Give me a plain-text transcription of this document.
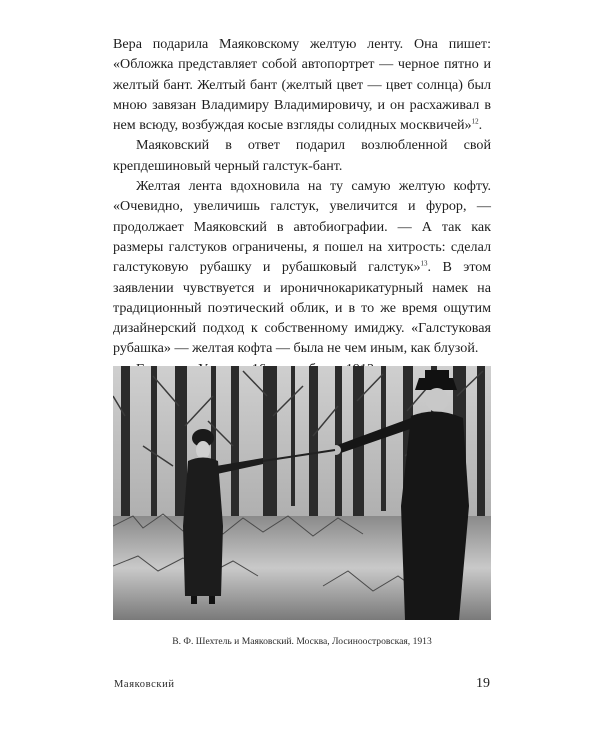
Вера подарила Маяковскому желтую ленту. Она пишет: «Обложка представляет собой автопортрет — черное пятно и желтый бант. Желтый бант (желтый цвет — цвет солнца) был мною завязан Владимиру Владимировичу, и он расхаживал в нем всюду, возбуждая косые взгляды солидных москвичей»$^{12}$.

Маяковский в ответ подарил возлюбленной свой крепдешиновый черный галстук-бант.

Желтая лента вдохновила на ту самую желтую кофту. «Очевидно, увеличишь галстук, увеличится и фурор, — продолжает Маяковский в автобиографии. — А так как размеры галстуков ограничены, я пошел на хитрость: сделал галстуковую рубашку и рубашковый галстук»$^{13}$. В этом заявлении чувствуется и ироничнокарикатурный намек на традиционный поэтический облик, и в то же время ощутим дизайнерский подход к собственному имиджу. «Галстуковая рубашка» — желтая кофта — была не чем иным, как блузой.

В. Ф. Шехтель и Маяковский. Москва, Лосиноостровская, 1913
Маяковский	19
